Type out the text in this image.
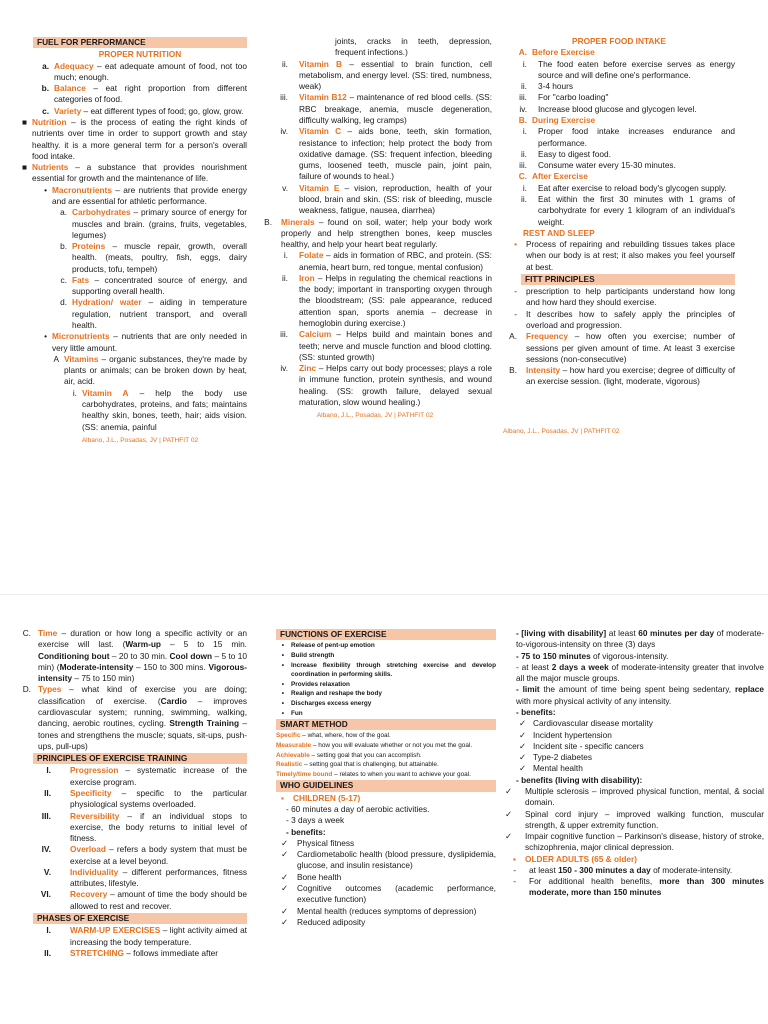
FUEL FOR PERFORMANCE
PROPER NUTRITION
a. Adequacy – eat adequate amount of food, not too much; enough.
b. Balance – eat right proportion from different categories of food.
c. Variety – eat different types of food; go, glow, grow.
■ Nutrition – is the process of eating the right kinds of nutrients over time in order to support growth and stay healthy. it is a more general term for a person's overall food intake.
■ Nutrients – a substance that provides nourishment essential for growth and the maintenance of life.
• Macronutrients – are nutrients that provide energy and are essential for athletic performance.
a. Carbohydrates – primary source of energy for muscles and brain. (grains, fruits, vegetables, legumes)
b. Proteins – muscle repair, growth, overall health. (meats, poultry, fish, eggs, dairy products, tofu, tempeh)
c. Fats – concentrated source of energy, and supporting overall health.
d. Hydration/ water – aiding in temperature regulation, nutrient transport, and overall health.
• Micronutrients – nutrients that are only needed in very little amount.
A Vitamins – organic substances, they're made by plants or animals; can be broken down by heat, air, acid.
i. Vitamin A – help the body use carbohydrates, proteins, and fats; maintains healthy skin, bones, teeth, hair; aids vision. (SS: anemia, painful
Albano, J.L., Posadas, JV | PATHFIT 02
joints, cracks in teeth, depression, frequent infections.)
ii.	Vitamin B – essential to brain function, cell metabolism, and energy level. (SS: tired, numbness, weak)
iii.	Vitamin B12 – maintenance of red blood cells. (SS: RBC breakage, anemia, muscle degeneration, difficulty walking, leg cramps)
iv.	Vitamin C – aids bone, teeth, skin formation, resistance to infection; help protect the body from oxidative damage. (SS: frequent infection, bleeding gums, loosened teeth, muscle pain, joint pain, failure of wounds to heal.)
v.	Vitamin E – vision, reproduction, health of your blood, brain and skin. (SS: risk of bleeding, muscle weakness, fatigue, nausea, diarrhea)
B.	Minerals – found on soil, water; help your body work properly and help strengthen bones, keep muscles healthy, and help your heart beat regularly.
i.	Folate – aids in formation of RBC, and protein. (SS: anemia, heart burn, red tongue, mental confusion)
ii.	Iron – Helps in regulating the chemical reactions in the body; important in transporting oxygen through the bloodstream; (SS: pale appearance, reduced attention span, sports anemia – decrease in hemoglobin during exercise.)
iii.	Calcium – Helps build and maintain bones and teeth; nerve and muscle function and blood clotting. (SS: stunted growth)
iv.	Zinc – Helps carry out body processes; plays a role in immune function, protein synthesis, and wound healing. (SS: growth failure, delayed sexual maturation, slow wound healing.)
Albano, J.L., Posadas, JV | PATHFIT 02
PROPER FOOD INTAKE
A. Before Exercise
i.	The food eaten before exercise serves as energy source and will define one's performance.
ii.	3-4 hours
iii.	For "carbo loading"
iv.	Increase blood glucose and glycogen level.
B. During Exercise
i.	Proper food intake increases endurance and performance.
ii.	Easy to digest food.
iii.	Consume water every 15-30 minutes.
C. After Exercise
i.	Eat after exercise to reload body's glycogen supply.
ii.	Eat within the first 30 minutes with 1 grams of carbohydrate for every 1 kilogram of an individual's weight.
REST AND SLEEP
•	Process of repairing and rebuilding tissues takes place when our body is at rest; it also makes you feel yourself at best.
FITT PRINCIPLES
-	prescription to help participants understand how long and how hard they should exercise.
-	It describes how to safely apply the principles of overload and progression.
A.	Frequency – how often you exercise; number of sessions per given amount of time. At least 3 exercise sessions (non-consecutive)
B.	Intensity – how hard you exercise; degree of difficulty of an exercise session. (light, moderate, vigorous)
Albano, J.L., Posadas, JV | PATHFIT 02
C. Time – duration or how long a specific activity or an exercise will last. (Warm-up – 5 to 15 min. Conditioning bout – 20 to 30 min. Cool down – 5 to 10 min) (Moderate-intensity – 150 to 300 mins. Vigorous-intensity – 75 to 150 min)
D. Types – what kind of exercise you are doing; classification of exercise. (Cardio – improves cardiovascular system; running, swimming, walking, dancing, aerobic routines, cycling. Strength Training – tones and strengthens the muscle; squats, sit-ups, push-ups, pull-ups)
PRINCIPLES OF EXERCISE TRAINING
I.	Progression – systematic increase of the exercise program.
II.	Specificity – specific to the particular physiological systems overloaded.
III.	Reversibility – if an individual stops to exercise, the body returns to initial level of fitness.
IV.	Overload – refers a body system that must be exercise at a level beyond.
V.	Individuality – different performances, fitness attributes, lifestyle.
VI.	Recovery – amount of time the body should be allowed to rest and recover.
PHASES OF EXERCISE
I.	WARM-UP EXERCISES – light activity aimed at increasing the body temperature.
II.	STRETCHING – follows immediate after
FUNCTIONS OF EXERCISE
•	Release of pent-up emotion
•	Build strength
•	Increase flexibility through stretching exercise and develop coordination in performing skills.
•	Provides relaxation
•	Realign and reshape the body
•	Discharges excess energy
•	Fun
SMART METHOD
Specific – what, where, how of the goal.
Measurable – how you will evaluate whether or not you met the goal.
Achievable – setting goal that you can accomplish.
Realistic – setting goal that is challenging, but attainable.
Timely/time bound – relates to when you want to achieve your goal.
WHO GUIDELINES
▪	CHILDREN (5-17)
- 60 minutes a day of aerobic activities.
- 3 days a week
- benefits:
✓	Physical fitness
✓	Cardiometabolic health (blood pressure, dyslipidemia, glucose, and insulin resistance)
✓	Bone health
✓	Cognitive outcomes (academic performance, executive function)
✓	Mental health (reduces symptoms of depression)
✓	Reduced adiposity
- [living with disability] at least 60 minutes per day of moderate- to-vigorous-intensity on three (3) days
- 75 to 150 minutes of vigorous-intensity.
- at least 2 days a week of moderate-intensity greater that involve all the major muscle groups.
- limit the amount of time being spent being sedentary, replace with more physical activity of any intensity.
- benefits:
✓ Cardiovascular disease mortality
✓ Incident hypertension
✓ Incident site - specific cancers
✓ Type-2 diabetes
✓ Mental health
- benefits (living with disability):
✓	Multiple sclerosis – improved physical function, mental, & social domain.
✓	Spinal cord injury – improved walking function, muscular strength, & upper extremity function.
✓	Impair cognitive function – Parkinson's disease, history of stroke, schizophrenia, major clinical depression.
▪	OLDER ADULTS (65 & older)
-	at least 150 - 300 minutes a day of moderate-intensity.
-	For additional health benefits, more than 300 minutes moderate, more than 150 minutes
